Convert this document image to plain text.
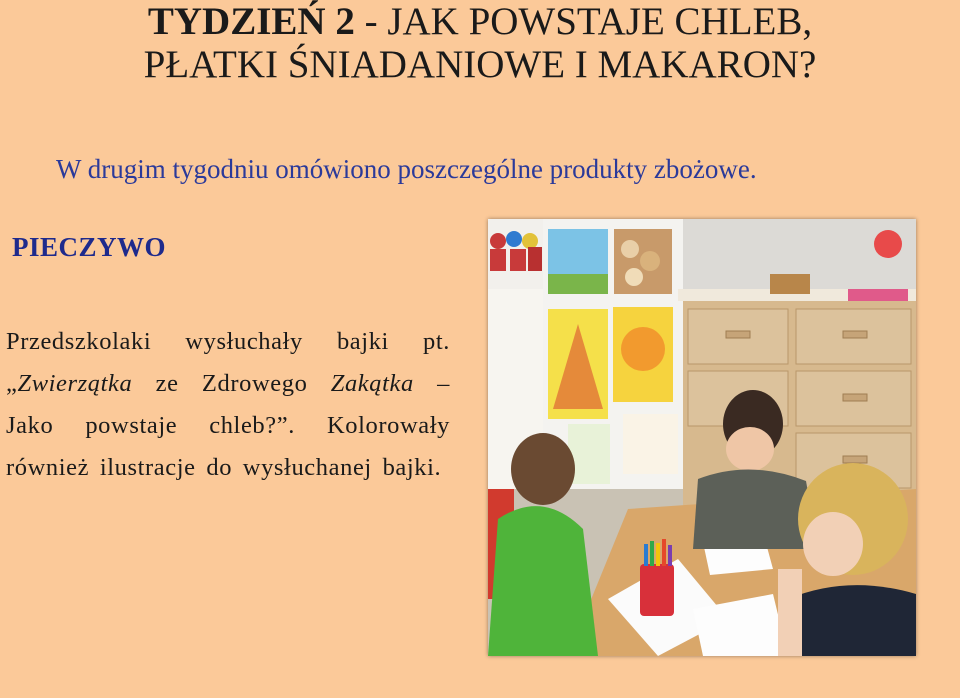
TYDZIEŃ 2 - JAK POWSTAJE CHLEB,
PŁATKI ŚNIADANIOWE I MAKARON?

W drugim tygodniu omówiono poszczególne produkty zbożowe.

PIECZYWO

Przedszkolaki wysłuchały bajki pt. „Zwierzątka ze Zdrowego Zakątka – Jako powstaje chleb?”. Kolorowały również ilustracje do wysłuchanej bajki.
